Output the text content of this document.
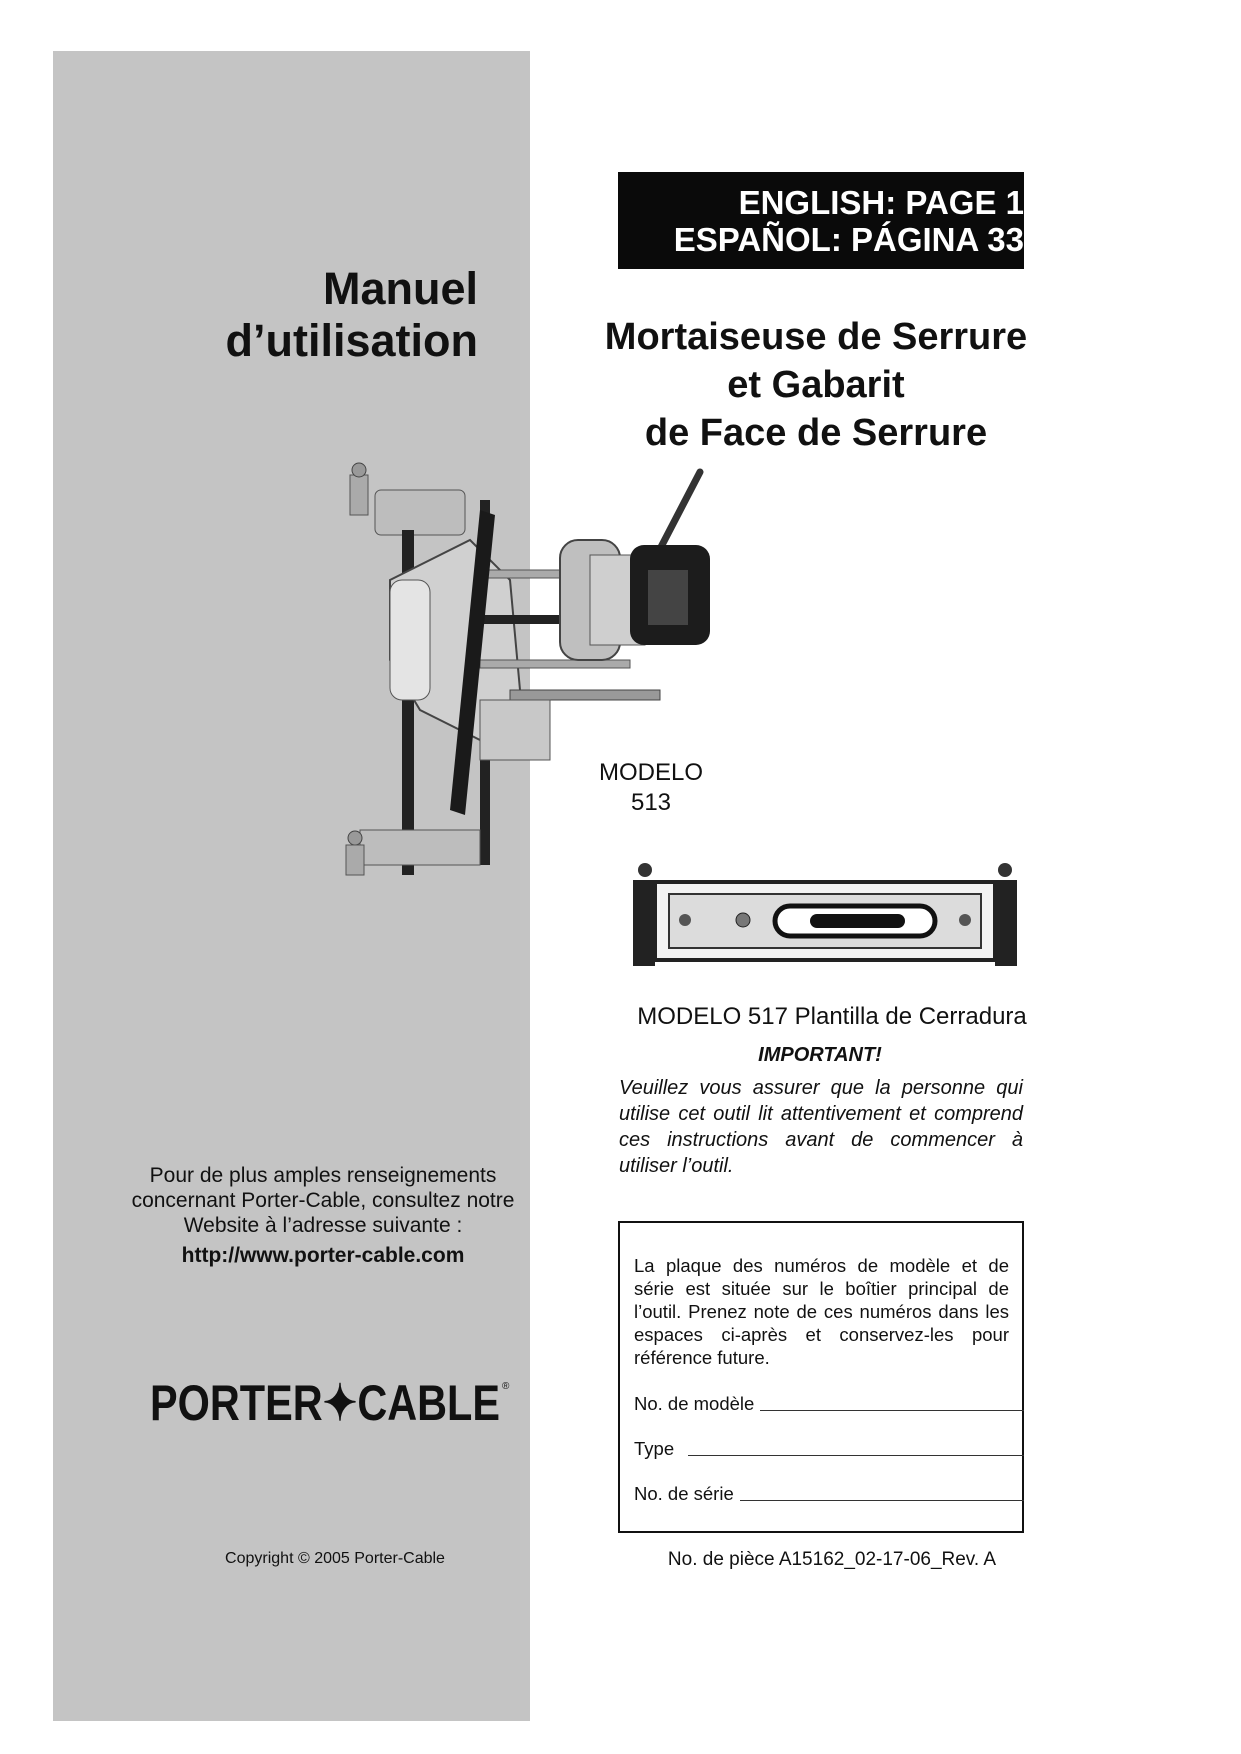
ENGLISH: PAGE 1
ESPAÑOL: PÁGINA 33
Manuel
d’utilisation	Mortaiseuse de Serrure
et Gabarit
de Face de Serrure
MODELO
513
MODELO 517 Plantilla de Cerradura
IMPORTANT!
Veuillez vous assurer que la personne qui utilise cet outil lit attentivement et comprend ces instructions avant de commencer à utiliser l’outil.
Pour de plus amples renseignements concernant Porter-Cable, consultez notre Website à l’adresse suivante :
http://www.porter-cable.com
PORTER✦CABLE ®
Copyright © 2005 Porter-Cable
La plaque des numéros de modèle et de série est située sur le boîtier principal de l’outil. Prenez note de ces numéros dans les espaces ci-après et conservez-les pour référence future.
No. de modèle
Type
No. de série
No. de pièce A15162_02-17-06_Rev. A
